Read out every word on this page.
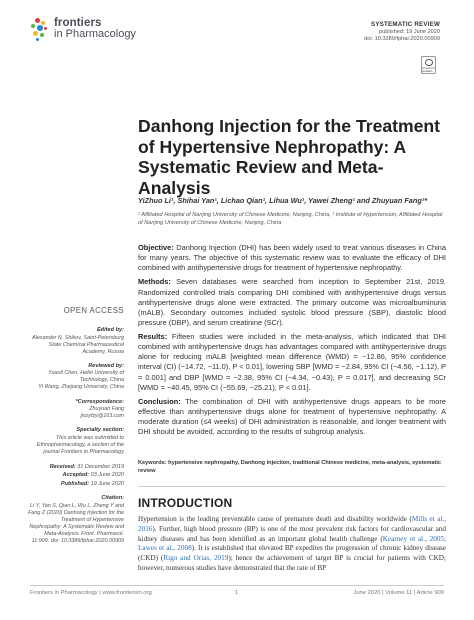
frontiers
in Pharmacology
SYSTEMATIC REVIEW
published: 19 June 2020
doi: 10.3389/fphar.2020.00909
Check for updates
Danhong Injection for the Treatment of Hypertensive Nephropathy: A Systematic Review and Meta-Analysis
YiZhuo Li¹, Shihai Yan¹, Lichao Qian¹, Lihua Wu¹, Yawei Zheng¹ and Zhuyuan Fang²*
¹ Affiliated Hospital of Nanjing University of Chinese Medicine, Nanjing, China, ² Institute of Hypertension, Affiliated Hospital of Nanjing University of Chinese Medicine, Nanjing, China

Objective: Danhong Injection (DHI) has been widely used to treat various diseases in China for many years. The objective of this systematic review was to evaluate the efficacy of DHI combined with antihypertensive drugs for treatment of hypertensive nephropathy.

Methods: Seven databases were searched from inception to September 21st, 2019. Randomized controlled trials comparing DHI combined with antihypertensive drugs versus antihypertensive drugs alone were extracted. The primary outcome was microalbuminuria (mALB). Secondary outcomes included systolic blood pressure (SBP), diastolic blood pressure (DBP), and serum creatinine (SCr).

Results: Fifteen studies were included in the meta-analysis, which indicated that DHI combined with antihypertensive drugs has advantages compared with antihypertensive drugs alone for reducing mALB [weighted mean difference (WMD) = −12.86, 95% confidence interval (CI) (−14.72, −11.0), P < 0.01], lowering SBP [WMD = −2.84, 95% CI (−4.56, −1.12), P = 0.001] and DBP [WMD = −2.38, 95% CI (−4.34, −0.43), P = 0.017], and decreasing SCr [WMD = −40.45, 95% CI (−55.69, −25.21), P < 0.01].

Conclusion: The combination of DHI with antihypertensive drugs appears to be more effective than antihypertensive drugs alone for treatment of hypertensive nephropathy. A moderate duration (≤4 weeks) of DHI administration is reasonable, and longer treatment with DHI should be avoided, according to the results of subgroup analysis.

Keywords: hypertensive nephropathy, Danhong injection, traditional Chinese medicine, meta-analysis, systematic review
INTRODUCTION
Hypertension is the leading preventable cause of premature death and disability worldwide (Mills et al., 2016). Further, high blood pressure (BP) is one of the most prevalent risk factors for cardiovascular and kidney diseases and has been identified as an important global health challenge (Kearney et al., 2005; Lawes et al., 2008). It is established that elevated BP expedites the progression of chronic kidney disease (CKD) (Rigo and Orias, 2019); hence the achievement of target BP is crucial for patients with CKD; however, numerous studies have demonstrated that the rate of BP
OPEN ACCESS
Edited by:
Alexander N. Shikov, Saint-Petersburg State Chemical Pharmaceutical Academy, Russia
Reviewed by:
Yuanli Chen, Hefei University of Technology, China
Yi Wang, Zhejiang University, China
*Correspondence:
Zhuyuan Fang
jiszyfzy@163.com
Specialty section:
This article was submitted to Ethnopharmacology, a section of the journal Frontiers in Pharmacology
Received: 31 December 2019
Accepted: 03 June 2020
Published: 19 June 2020
Citation:
Li Y, Yan S, Qian L, Wu L, Zheng Y and Fang Z (2020) Danhong Injection for the Treatment of Hypertensive Nephropathy: A Systematic Review and Meta-Analysis. Front. Pharmacol. 11:909. doi: 10.3389/fphar.2020.00909
Frontiers in Pharmacology | www.frontiersin.org	1	June 2020 | Volume 11 | Article 909
